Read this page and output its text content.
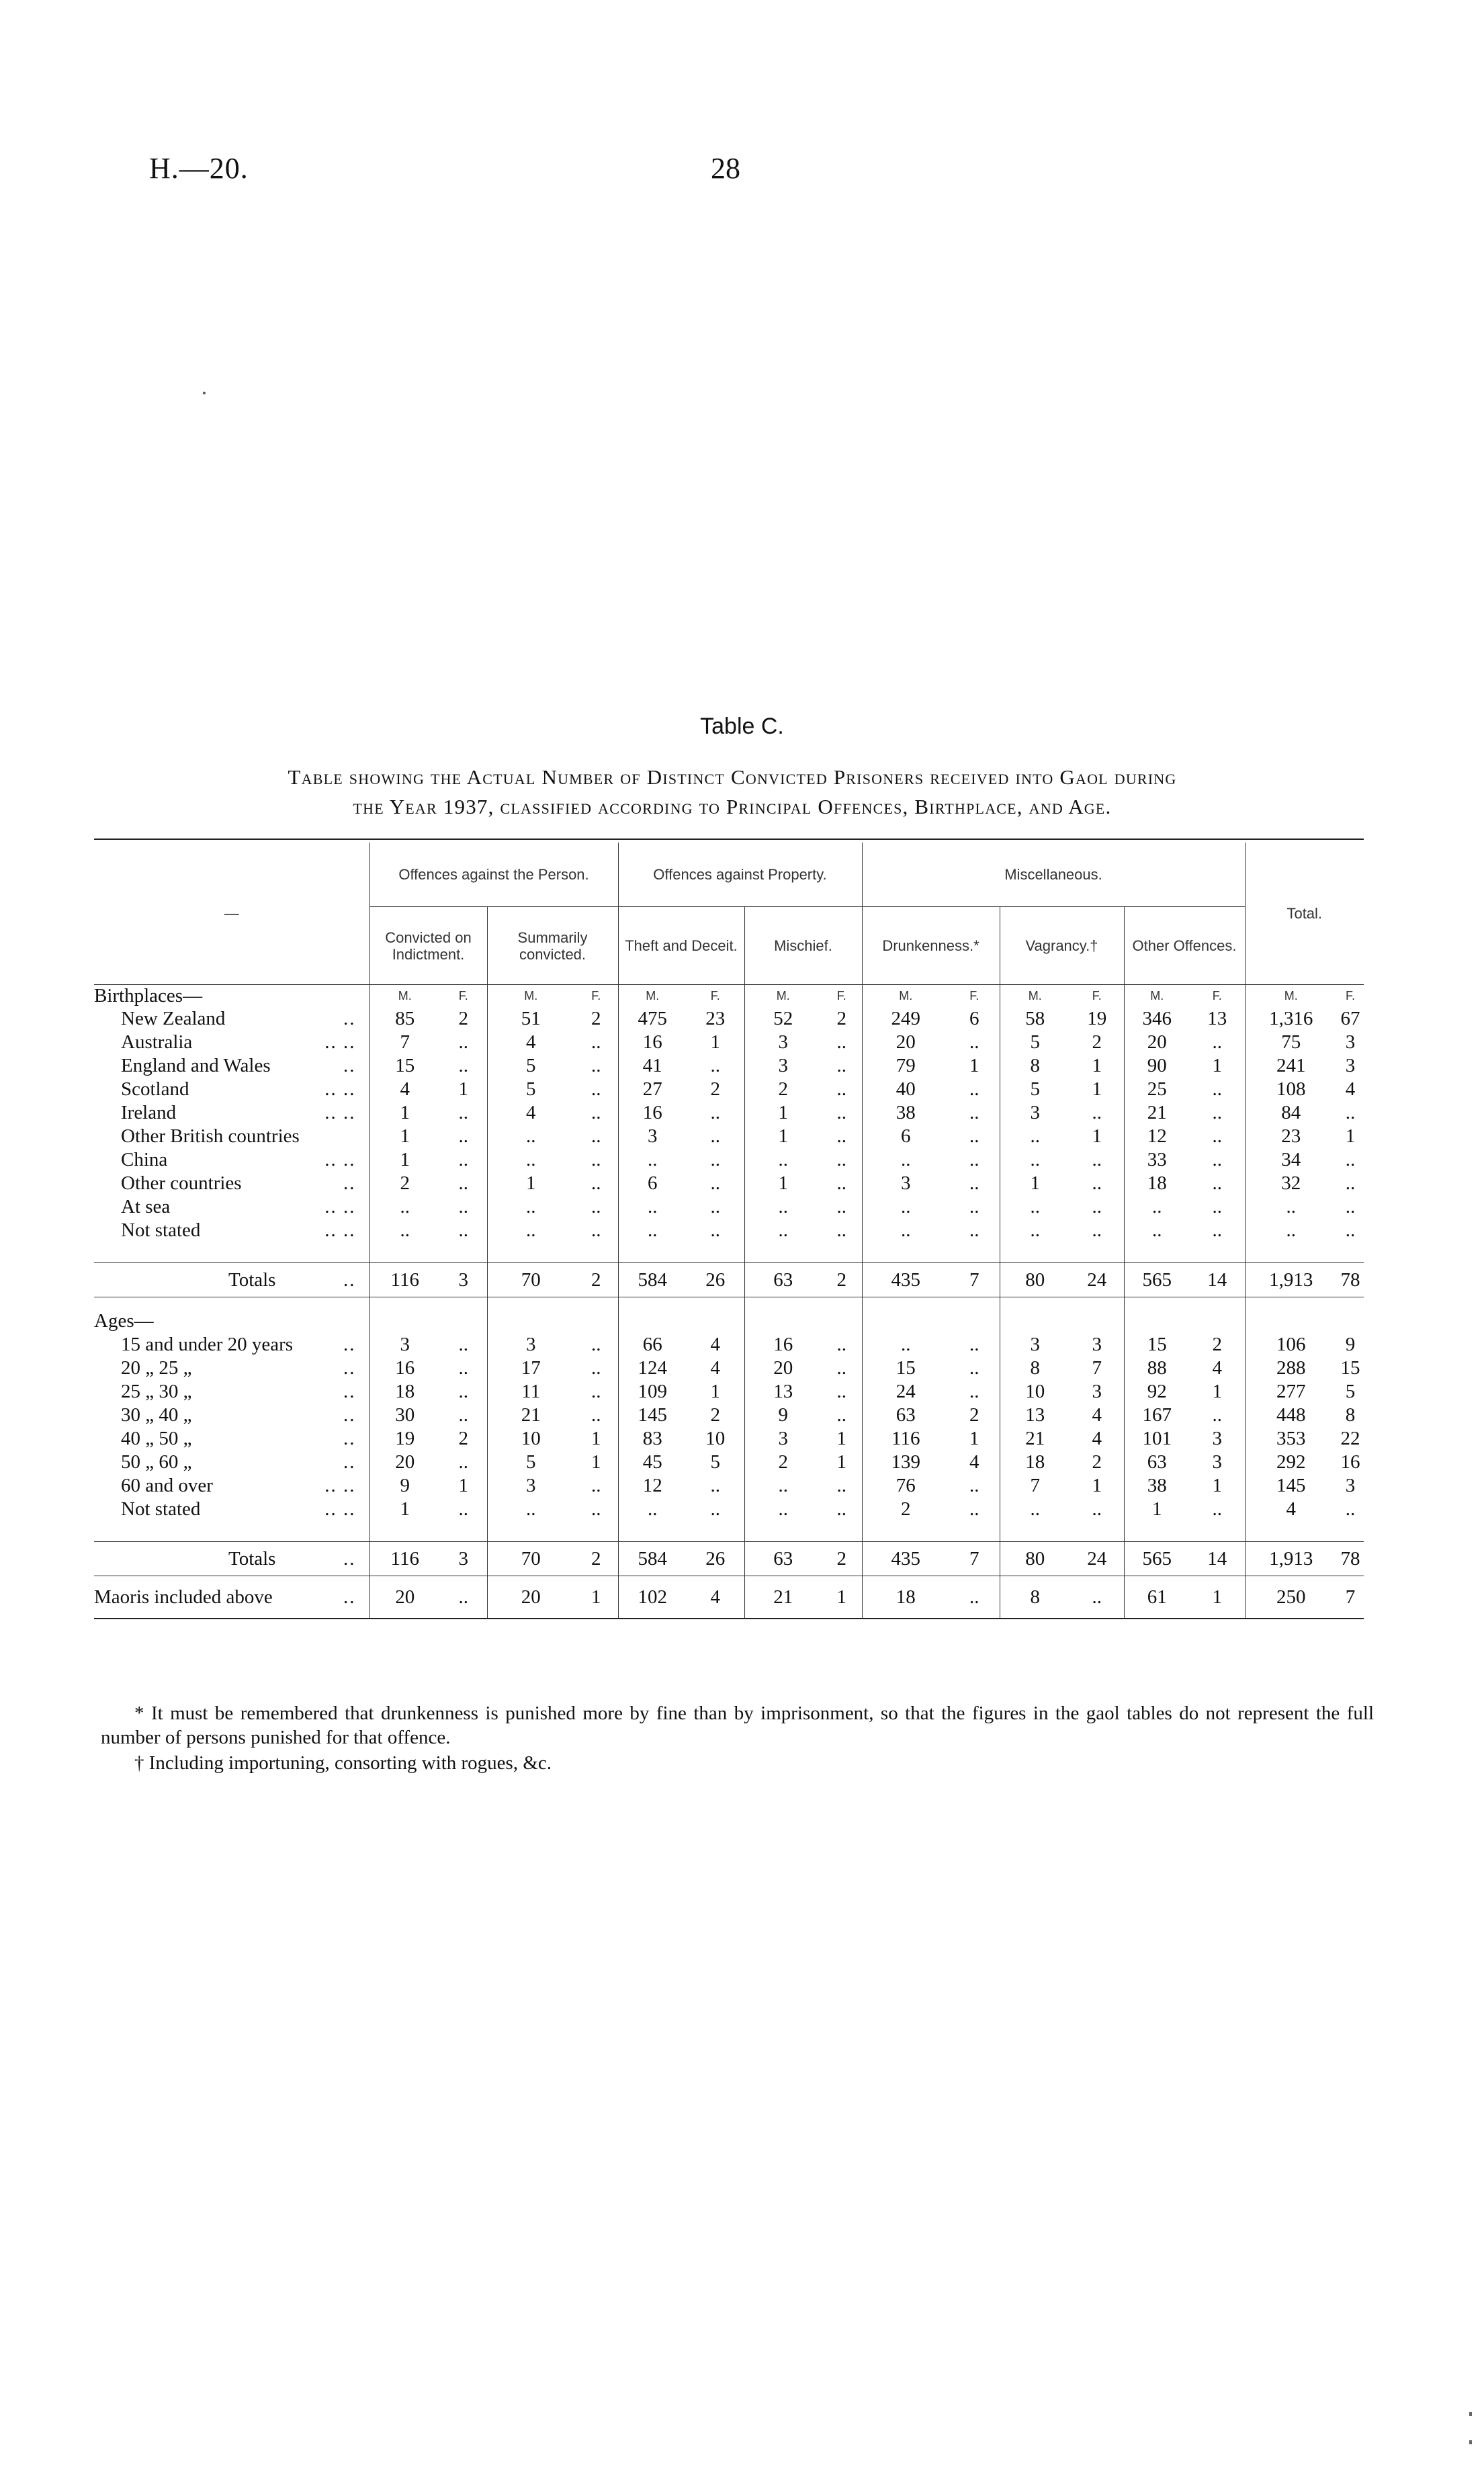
H.—20.	28
Table C.
Table showing the Actual Number of Distinct Convicted Prisoners received into Gaol during
the Year 1937, classified according to Principal Offences, Birthplace, and Age.

—	Offences against the Person.				Offences against Property.				Miscellaneous.						Total.	
	Convicted on Indictment.		Summarily convicted.		Theft and Deceit.		Mischief.		Drunkenness.*		Vagrancy.†		Other Offences.			

Birthplaces—	M.	F.	M.	F.	M.	F.	M.	F.	M.	F.	M.	F.	M.	F.	M.	F.
New Zealand ..	85	2	51	2	475	23	52	2	249	6	58	19	346	13	1,316	67
Australia .. ..	7	..	4	..	16	1	3	..	20	..	5	2	20	..	75	3
England and Wales ..	15	..	5	..	41	..	3	..	79	1	8	1	90	1	241	3
Scotland .. ..	4	1	5	..	27	2	2	..	40	..	5	1	25	..	108	4
Ireland .. ..	1	..	4	..	16	..	1	..	38	..	3	..	21	..	84	..
Other British countries	1	..	..	..	3	..	1	..	6	..	..	1	12	..	23	1
China .. ..	1	..	..	..	..	..	..	..	..	..	..	..	33	..	34	..
Other countries ..	2	..	1	..	6	..	1	..	3	..	1	..	18	..	32	..
At sea .. ..	..	..	..	..	..	..	..	..	..	..	..	..	..	..	..	..
Not stated .. ..	..	..	..	..	..	..	..	..	..	..	..	..	..	..	..	..

Totals ..	116	3	70	2	584	26	63	2	435	7	80	24	565	14	1,913	78
Ages—																
15 and under 20 years ..	3	..	3	..	66	4	16	..	..	..	3	3	15	2	106	9
20 „ 25 „ ..	16	..	17	..	124	4	20	..	15	..	8	7	88	4	288	15
25 „ 30 „ ..	18	..	11	..	109	1	13	..	24	..	10	3	92	1	277	5
30 „ 40 „ ..	30	..	21	..	145	2	9	..	63	2	13	4	167	..	448	8
40 „ 50 „ ..	19	2	10	1	83	10	3	1	116	1	21	4	101	3	353	22
50 „ 60 „ ..	20	..	5	1	45	5	2	1	139	4	18	2	63	3	292	16
60 and over .. ..	9	1	3	..	12	..	..	..	76	..	7	1	38	1	145	3
Not stated .. ..	1	..	..	..	..	..	..	..	2	..	..	..	1	..	4	..

Totals ..	116	3	70	2	584	26	63	2	435	7	80	24	565	14	1,913	78
Maoris included above ..	20	..	20	1	102	4	21	1	18	..	8	..	61	1	250	7

* It must be remembered that drunkenness is punished more by fine than by imprisonment, so that the figures in the gaol tables do not represent the full number of persons punished for that offence.

† Including importuning, consorting with rogues, &c.
